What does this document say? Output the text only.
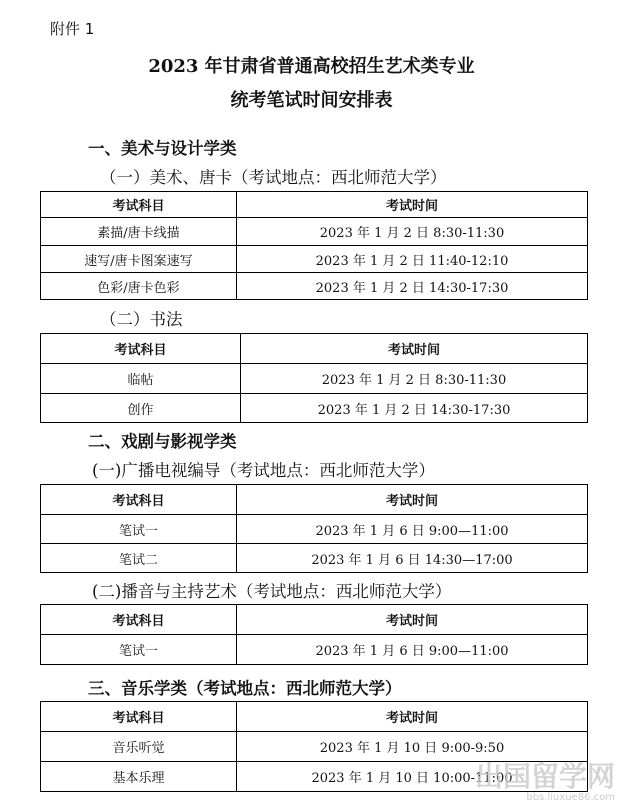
附件 1
2023 年甘肃省普通高校招生艺术类专业
统考笔试时间安排表
一、美术与设计学类
（一）美术、唐卡（考试地点：西北师范大学）
考试科目	考试时间
素描/唐卡线描	2023 年 1 月 2 日 8:30-11:30
速写/唐卡图案速写	2023 年 1 月 2 日 11:40-12:10
色彩/唐卡色彩	2023 年 1 月 2 日 14:30-17:30
（二）书法
考试科目	考试时间
临帖	2023 年 1 月 2 日 8:30-11:30
创作	2023 年 1 月 2 日 14:30-17:30
二、戏剧与影视学类
(一)广播电视编导（考试地点：西北师范大学）
考试科目	考试时间
笔试一	2023 年 1 月 6 日 9:00—11:00
笔试二	2023 年 1 月 6 日 14:30—17:00
(二)播音与主持艺术（考试地点：西北师范大学）
考试科目	考试时间
笔试一	2023 年 1 月 6 日 9:00—11:00
三、音乐学类（考试地点：西北师范大学）
考试科目	考试时间
音乐听觉	2023 年 1 月 10 日 9:00-9:50
基本乐理	2023 年 1 月 10 日 10:00-11:00
出国留学网
bbs.liuxue86.com
